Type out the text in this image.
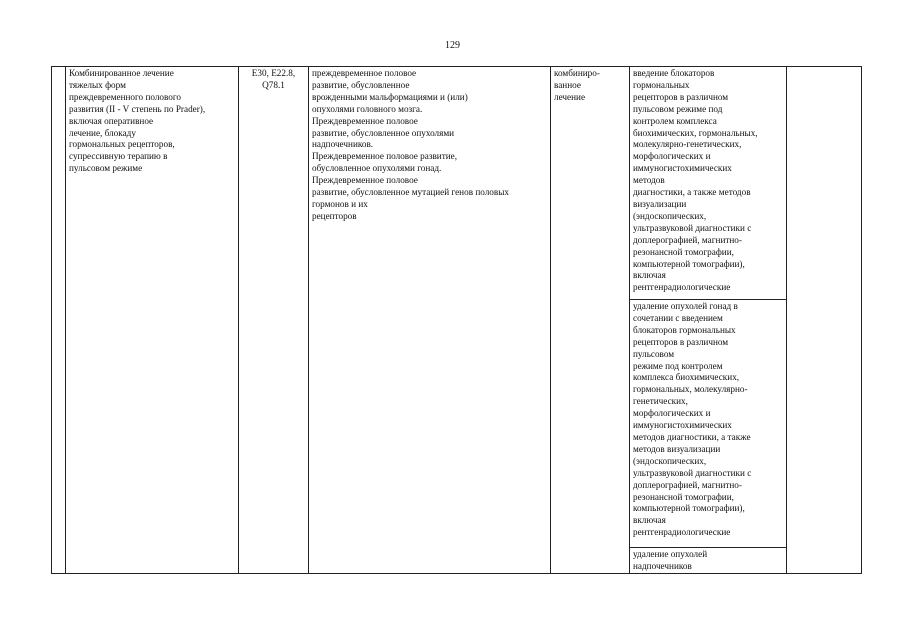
129
Комбинированное лечение
тяжелых форм
преждевременного полового
развития (II - V степень по Prader),
включая оперативное
лечение, блокаду
гормональных рецепторов,
супрессивную терапию в
пульсовом режиме
E30, E22.8,
Q78.1
преждевременное половое
развитие, обусловленное
врожденными мальформациями и (или)
опухолями головного мозга.
Преждевременное половое
развитие, обусловленное опухолями
надпочечников.
Преждевременное половое развитие,
обусловленное опухолями гонад.
Преждевременное половое
развитие, обусловленное мутацией генов половых
гормонов и их
рецепторов
комбиниро-
ванное
лечение
введение блокаторов
гормональных
рецепторов в различном
пульсовом режиме под
контролем комплекса
биохимических, гормональных,
молекулярно-генетических,
морфологических и
иммуногистохимических
методов
диагностики, а также методов
визуализации
(эндоскопических,
ультразвуковой диагностики с
доплерографией, магнитно-
резонансной томографии,
компьютерной томографии),
включая
рентгенрадиологические
удаление опухолей гонад в
сочетании с введением
блокаторов гормональных
рецепторов в различном
пульсовом
режиме под контролем
комплекса биохимических,
гормональных, молекулярно-
генетических,
морфологических и
иммуногистохимических
методов диагностики, а также
методов визуализации
(эндоскопических,
ультразвуковой диагностики с
доплерографией, магнитно-
резонансной томографии,
компьютерной томографии),
включая
рентгенрадиологические
удаление опухолей
надпочечников
